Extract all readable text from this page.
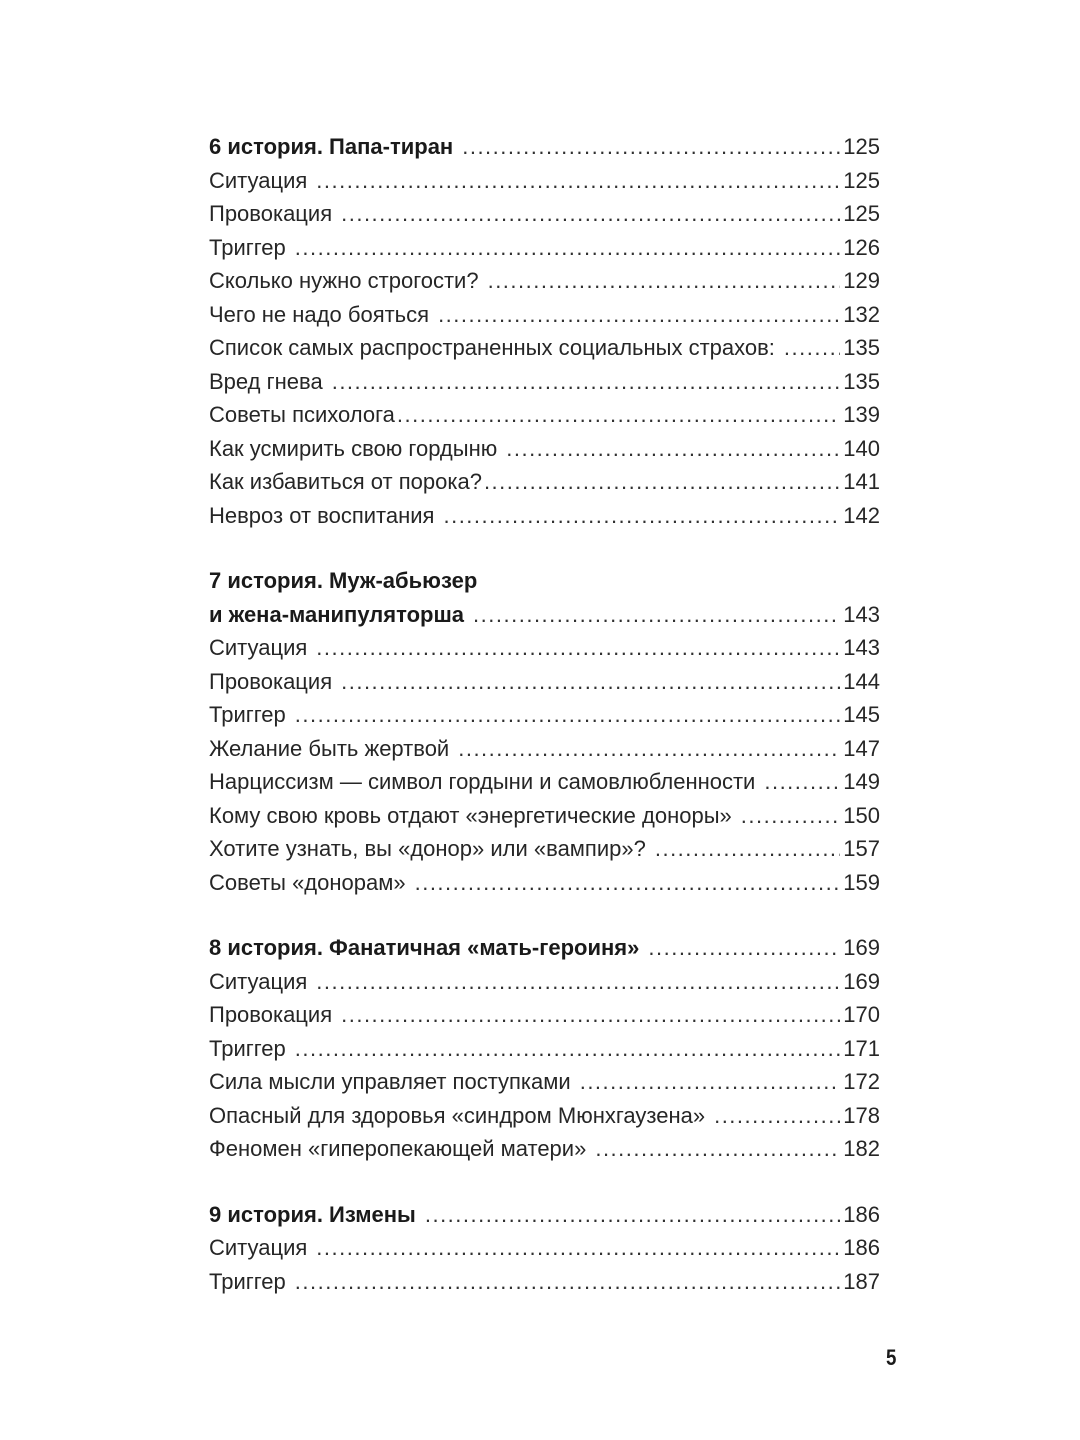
6 история. Папа-тиран .....	125
Ситуация .....	125
Провокация .....	125
Триггер .....	126
Сколько нужно строгости? .....	129
Чего не надо бояться .....	132
Список самых распространенных социальных страхов: .....	135
Вред гнева .....	135
Советы психолога .....	139
Как усмирить свою гордыню .....	140
Как избавиться от порока? .....	141
Невроз от воспитания .....	142
7 история. Муж-абьюзер
и жена-манипуляторша .....	143
Ситуация .....	143
Провокация .....	144
Триггер .....	145
Желание быть жертвой .....	147
Нарциссизм — символ гордыни и самовлюбленности .....	149
Кому свою кровь отдают «энергетические доноры» .....	150
Хотите узнать, вы «донор» или «вампир»? .....	157
Советы «донорам» .....	159
8 история. Фанатичная «мать-героиня» .....	169
Ситуация .....	169
Провокация .....	170
Триггер .....	171
Сила мысли управляет поступками .....	172
Опасный для здоровья «синдром Мюнхгаузена» .....	178
Феномен «гиперопекающей матери» .....	182
9 история. Измены .....	186
Ситуация .....	186
Триггер .....	187
5
